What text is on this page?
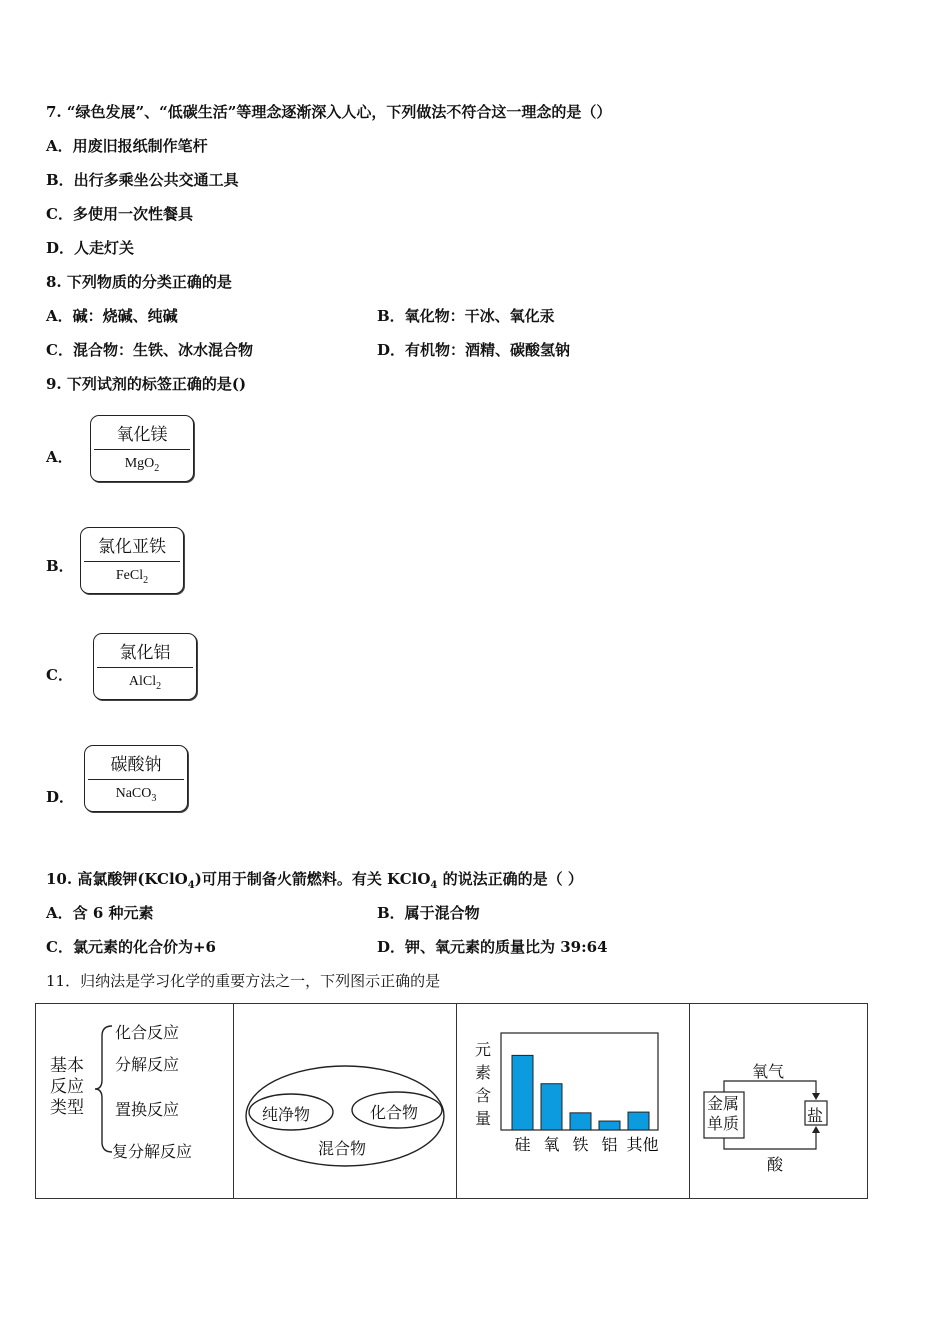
7. “绿色发展”、“低碳生活”等理念逐渐深入人心，下列做法不符合这一理念的是（）
A．用废旧报纸制作笔杆
B．出行多乘坐公共交通工具
C．多使用一次性餐具
D．人走灯关
8. 下列物质的分类正确的是
A．碱：烧碱、纯碱	B．氧化物：干冰、氧化汞
C．混合物：生铁、冰水混合物	D．有机物：酒精、碳酸氢钠
9. 下列试剂的标签正确的是()
A．
氧化镁
MgO$_2$
B．
氯化亚铁
FeCl$_2$
C．
氯化铝
AlCl$_2$
D．
碳酸钠
NaCO$_3$
10. 高氯酸钾(KClO$_4$)可用于制备火箭燃料。有关 KClO$_4$ 的说法正确的是（ ）
A．含 6 种元素	B．属于混合物
C．氯元素的化合价为+6	D．钾、氧元素的质量比为 39:64
11．归纳法是学习化学的重要方法之一，下列图示正确的是
基本
反应
类型
化合反应
分解反应
置换反应
复分解反应
纯净物	化合物
混合物
元
素
含
量
硅 氧 铁 铝 其他
金属
单质	盐
氧气
酸
